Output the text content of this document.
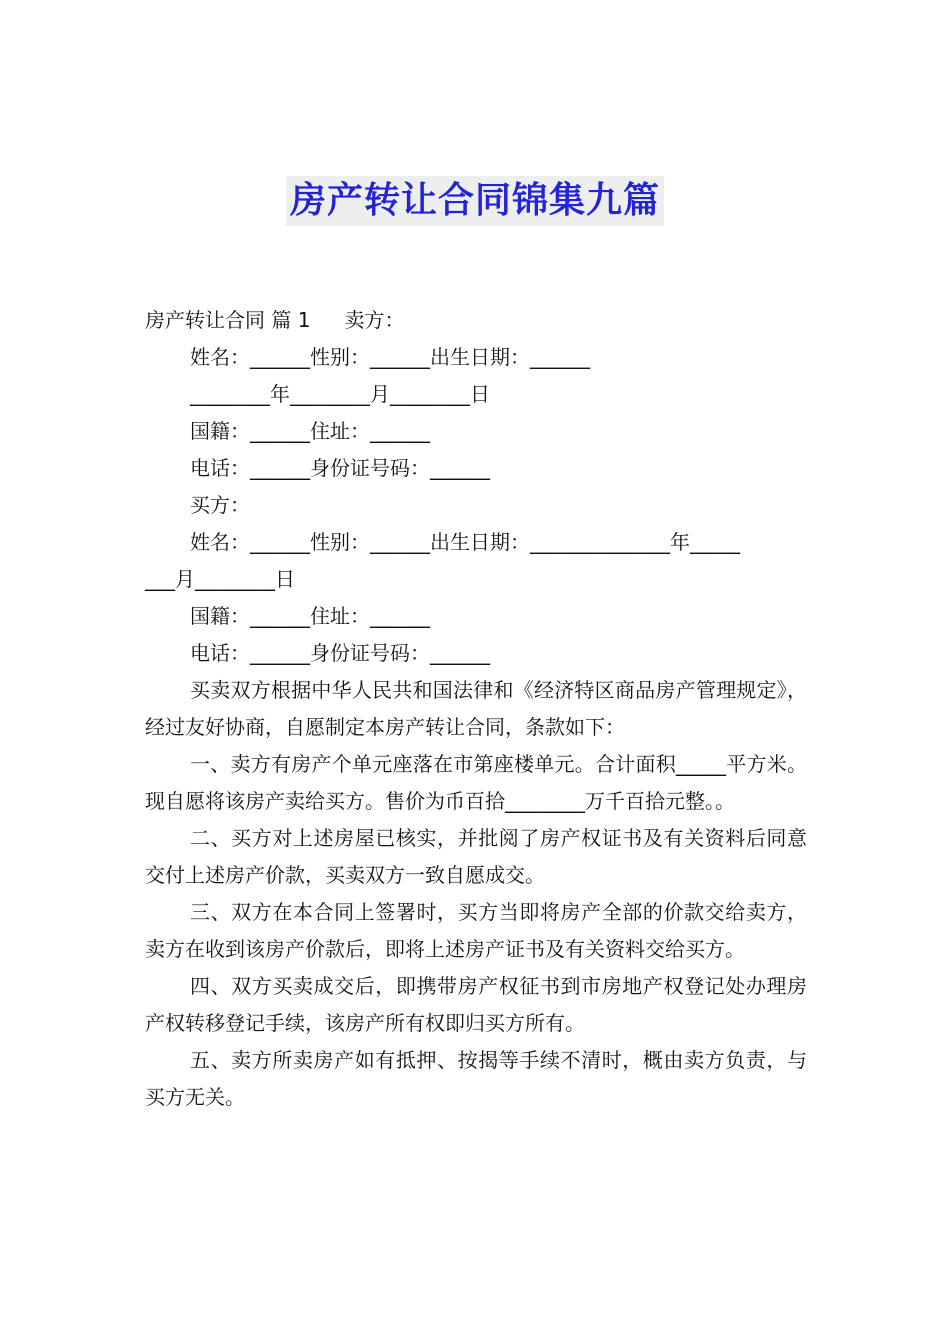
房产转让合同锦集九篇
房产转让合同 篇 1 卖方：
姓名：______性别：______出生日期：______
________年________月________日
国籍：______住址：______
电话：______身份证号码：______
买方：
姓名：______性别：______出生日期：______________年_____
___月________日
国籍：______住址：______
电话：______身份证号码：______
买卖双方根据中华人民共和国法律和《经济特区商品房产管理规定》，经过友好协商，自愿制定本房产转让合同，条款如下：
一、卖方有房产个单元座落在市第座楼单元。合计面积_____平方米。现自愿将该房产卖给买方。售价为币百拾________万千百拾元整。。
二、买方对上述房屋已核实，并批阅了房产权证书及有关资料后同意交付上述房产价款，买卖双方一致自愿成交。
三、双方在本合同上签署时，买方当即将房产全部的价款交给卖方，卖方在收到该房产价款后，即将上述房产证书及有关资料交给买方。
四、双方买卖成交后，即携带房产权征书到市房地产权登记处办理房产权转移登记手续，该房产所有权即归买方所有。
五、卖方所卖房产如有抵押、按揭等手续不清时，概由卖方负责，与买方无关。
